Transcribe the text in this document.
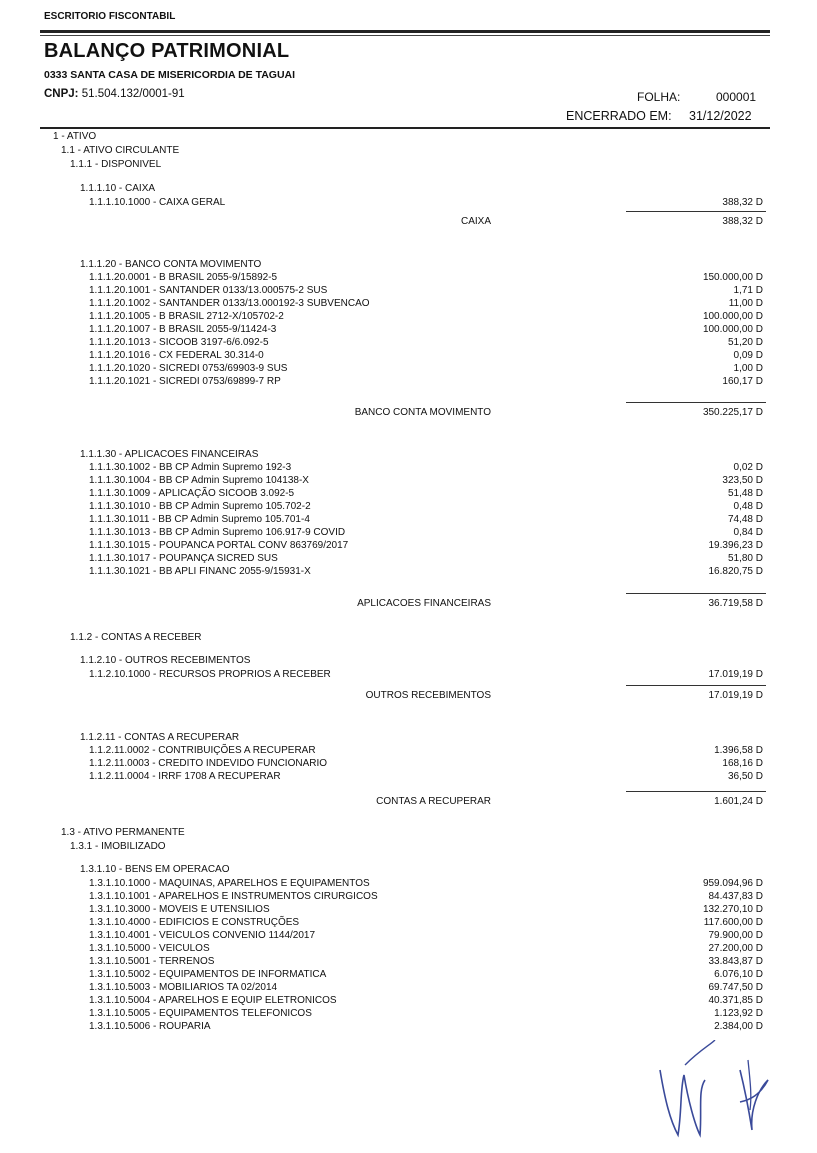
ESCRITORIO FISCONTABIL
BALANÇO PATRIMONIAL
0333 SANTA CASA DE MISERICORDIA DE TAGUAI
CNPJ: 51.504.132/0001-91	FOLHA:	000001
ENCERRADO EM: 31/12/2022
1 - ATIVO
1.1 - ATIVO CIRCULANTE
1.1.1 - DISPONIVEL
1.1.1.10 - CAIXA
1.1.1.10.1000 - CAIXA GERAL	388,32 D
CAIXA	388,32 D
1.1.1.20 - BANCO CONTA MOVIMENTO
1.1.1.20.0001 - B BRASIL 2055-9/15892-5	150.000,00 D
1.1.1.20.1001 - SANTANDER 0133/13.000575-2 SUS	1,71 D
1.1.1.20.1002 - SANTANDER 0133/13.000192-3 SUBVENCAO	11,00 D
1.1.1.20.1005 - B BRASIL 2712-X/105702-2	100.000,00 D
1.1.1.20.1007 - B BRASIL 2055-9/11424-3	100.000,00 D
1.1.1.20.1013 - SICOOB 3197-6/6.092-5	51,20 D
1.1.1.20.1016 - CX FEDERAL 30.314-0	0,09 D
1.1.1.20.1020 - SICREDI 0753/69903-9 SUS	1,00 D
1.1.1.20.1021 - SICREDI 0753/69899-7 RP	160,17 D
BANCO CONTA MOVIMENTO	350.225,17 D
1.1.1.30 - APLICACOES FINANCEIRAS
1.1.1.30.1002 - BB CP Admin Supremo 192-3	0,02 D
1.1.1.30.1004 - BB CP Admin Supremo 104138-X	323,50 D
1.1.1.30.1009 - APLICAÇÃO SICOOB 3.092-5	51,48 D
1.1.1.30.1010 - BB CP Admin Supremo 105.702-2	0,48 D
1.1.1.30.1011 - BB CP Admin Supremo 105.701-4	74,48 D
1.1.1.30.1013 - BB CP Admin Supremo 106.917-9 COVID	0,84 D
1.1.1.30.1015 - POUPANCA PORTAL CONV 863769/2017	19.396,23 D
1.1.1.30.1017 - POUPANÇA SICRED SUS	51,80 D
1.1.1.30.1021 - BB APLI FINANC 2055-9/15931-X	16.820,75 D
APLICACOES FINANCEIRAS	36.719,58 D
1.1.2 - CONTAS A RECEBER
1.1.2.10 - OUTROS RECEBIMENTOS
1.1.2.10.1000 - RECURSOS PROPRIOS A RECEBER	17.019,19 D
OUTROS RECEBIMENTOS	17.019,19 D
1.1.2.11 - CONTAS A RECUPERAR
1.1.2.11.0002 - CONTRIBUIÇÕES A RECUPERAR	1.396,58 D
1.1.2.11.0003 - CREDITO INDEVIDO FUNCIONARIO	168,16 D
1.1.2.11.0004 - IRRF 1708 A RECUPERAR	36,50 D
CONTAS A RECUPERAR	1.601,24 D
1.3 - ATIVO PERMANENTE
1.3.1 - IMOBILIZADO
1.3.1.10 - BENS EM OPERACAO
1.3.1.10.1000 - MAQUINAS, APARELHOS E EQUIPAMENTOS	959.094,96 D
1.3.1.10.1001 - APARELHOS E INSTRUMENTOS CIRURGICOS	84.437,83 D
1.3.1.10.3000 - MOVEIS E UTENSILIOS	132.270,10 D
1.3.1.10.4000 - EDIFICIOS E CONSTRUÇÕES	117.600,00 D
1.3.1.10.4001 - VEICULOS CONVENIO 1144/2017	79.900,00 D
1.3.1.10.5000 - VEICULOS	27.200,00 D
1.3.1.10.5001 - TERRENOS	33.843,87 D
1.3.1.10.5002 - EQUIPAMENTOS DE INFORMATICA	6.076,10 D
1.3.1.10.5003 - MOBILIARIOS TA 02/2014	69.747,50 D
1.3.1.10.5004 - APARELHOS E EQUIP ELETRONICOS	40.371,85 D
1.3.1.10.5005 - EQUIPAMENTOS TELEFONICOS	1.123,92 D
1.3.1.10.5006 - ROUPARIA	2.384,00 D
